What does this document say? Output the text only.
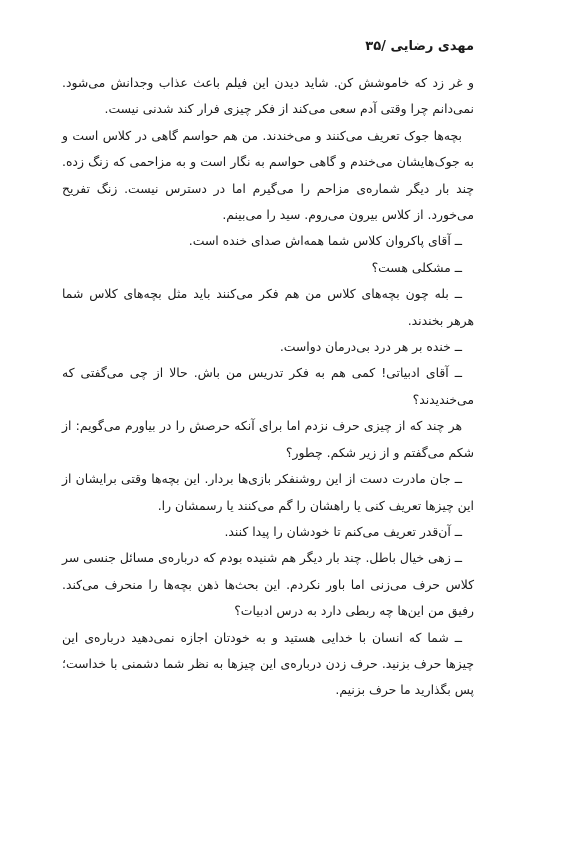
مهدی رضایی /۳۵

و غر زد که خاموشش کن. شاید دیدن این فیلم باعث عذاب وجدانش می‌شود. نمی‌دانم چرا وقتی آدم سعی می‌کند از فکر چیزی فرار کند شدنی نیست.

بچه‌ها جوک تعریف می‌کنند و می‌خندند. من هم حواسم گاهی در کلاس است و به جوک‌هایشان می‌خندم و گاهی حواسم به نگار است و به مزاحمی که زنگ زده. چند بار دیگر شماره‌ی مزاحم را می‌گیرم اما در دسترس نیست. زنگ تفریح می‌خورد. از کلاس بیرون می‌روم. سید را می‌بینم.

ــ آقای پاکروان کلاس شما همه‌اش صدای خنده است.

ــ مشکلی هست؟

ــ بله چون بچه‌های کلاس من هم فکر می‌کنند باید مثل بچه‌های کلاس شما هرهر بخندند.

ــ خنده بر هر درد بی‌درمان دواست.

ــ آقای ادبیاتی! کمی هم به فکر تدریس من باش. حالا از چی می‌گفتی که می‌خندیدند؟

هر چند که از چیزی حرف نزدم اما برای آنکه حرصش را در بیاورم می‌گویم: از شکم می‌گفتم و از زیر شکم. چطور؟

ــ جان مادرت دست از این روشنفکر بازی‌ها بردار. این بچه‌ها وقتی برایشان از این چیزها تعریف کنی یا راهشان را گم می‌کنند یا رسمشان را.

ــ آن‌قدر تعریف می‌کنم تا خودشان را پیدا کنند.

ــ زهی خیال باطل. چند بار دیگر هم شنیده بودم که درباره‌ی مسائل جنسی سر کلاس حرف می‌زنی اما باور نکردم. این بحث‌ها ذهن بچه‌ها را منحرف می‌کند. رفیق من این‌ها چه ربطی دارد به درس ادبیات؟

ــ شما که انسان با خدایی هستید و به خودتان اجازه نمی‌دهید درباره‌ی این چیزها حرف بزنید. حرف زدن درباره‌ی این چیزها به نظر شما دشمنی با خداست؛ پس بگذارید ما حرف بزنیم.
